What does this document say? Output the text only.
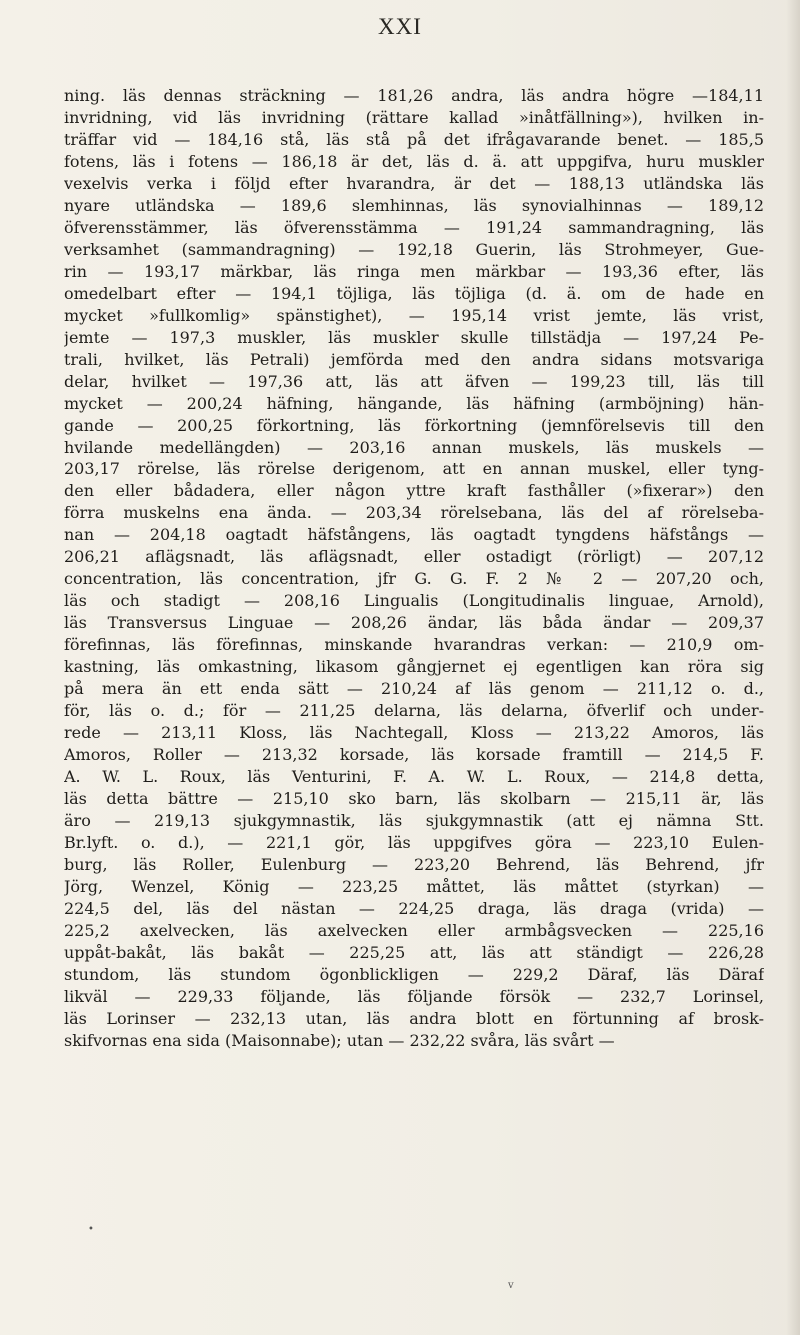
XXI
ning. läs dennas sträckning — 181,26 andra, läs andra högre —184,11
invridning, vid läs invridning (rättare kallad »inåtfällning»), hvilken in-
träffar vid — 184,16 stå, läs stå på det ifrågavarande benet. — 185,5
fotens, läs i fotens — 186,18 är det, läs d. ä. att uppgifva, huru muskler
vexelvis verka i följd efter hvarandra, är det — 188,13 utländska läs
nyare utländska — 189,6 slemhinnas, läs synovialhinnas — 189,12
öfverensstämmer, läs öfverensstämma — 191,24 sammandragning, läs
verksamhet (sammandragning) — 192,18 Guerin, läs Strohmeyer, Gue-
rin — 193,17 märkbar, läs ringa men märkbar — 193,36 efter, läs
omedelbart efter — 194,1 töjliga, läs töjliga (d. ä. om de hade en
mycket »fullkomlig» spänstighet), — 195,14 vrist jemte, läs vrist,
jemte — 197,3 muskler, läs muskler skulle tillstädja — 197,24 Pe-
trali, hvilket, läs Petrali) jemförda med den andra sidans motsvariga
delar, hvilket — 197,36 att, läs att äfven — 199,23 till, läs till
mycket — 200,24 häfning, hängande, läs häfning (armböjning) hän-
gande — 200,25 förkortning, läs förkortning (jemnförelsevis till den
hvilande medellängden) — 203,16 annan muskels, läs muskels —
203,17 rörelse, läs rörelse derigenom, att en annan muskel, eller tyng-
den eller bådadera, eller någon yttre kraft fasthåller (»fixerar») den
förra muskelns ena ända. — 203,34 rörelsebana, läs del af rörelseba-
nan — 204,18 oagtadt häfstångens, läs oagtadt tyngdens häfstångs —
206,21 aflägsnadt, läs aflägsnadt, eller ostadigt (rörligt) — 207,12
concentration, läs concentration, jfr G. G. F. 2 № 2 — 207,20 och,
läs och stadigt — 208,16 Lingualis (Longitudinalis linguae, Arnold),
läs Transversus Linguae — 208,26 ändar, läs båda ändar — 209,37
förefinnas, läs förefinnas, minskande hvarandras verkan: — 210,9 om-
kastning, läs omkastning, likasom gångjernet ej egentligen kan röra sig
på mera än ett enda sätt — 210,24 af läs genom — 211,12 o. d.,
för, läs o. d.; för — 211,25 delarna, läs delarna, öfverlif och under-
rede — 213,11 Kloss, läs Nachtegall, Kloss — 213,22 Amoros, läs
Amoros, Roller — 213,32 korsade, läs korsade framtill — 214,5 F.
A. W. L. Roux, läs Venturini, F. A. W. L. Roux, — 214,8 detta,
läs detta bättre — 215,10 sko barn, läs skolbarn — 215,11 är, läs
äro — 219,13 sjukgymnastik, läs sjukgymnastik (att ej nämna Stt.
Br.lyft. o. d.), — 221,1 gör, läs uppgifves göra — 223,10 Eulen-
burg, läs Roller, Eulenburg — 223,20 Behrend, läs Behrend, jfr
Jörg, Wenzel, König — 223,25 måttet, läs måttet (styrkan) —
224,5 del, läs del nästan — 224,25 draga, läs draga (vrida) —
225,2 axelvecken, läs axelvecken eller armbågsvecken — 225,16
uppåt-bakåt, läs bakåt — 225,25 att, läs att ständigt — 226,28
stundom, läs stundom ögonblickligen — 229,2 Däraf, läs Däraf
likväl — 229,33 följande, läs följande försök — 232,7 Lorinsel,
läs Lorinser — 232,13 utan, läs andra blott en förtunning af brosk-
skifvornas ena sida (Maisonnabe); utan — 232,22 svåra, läs svårt —
•
v
